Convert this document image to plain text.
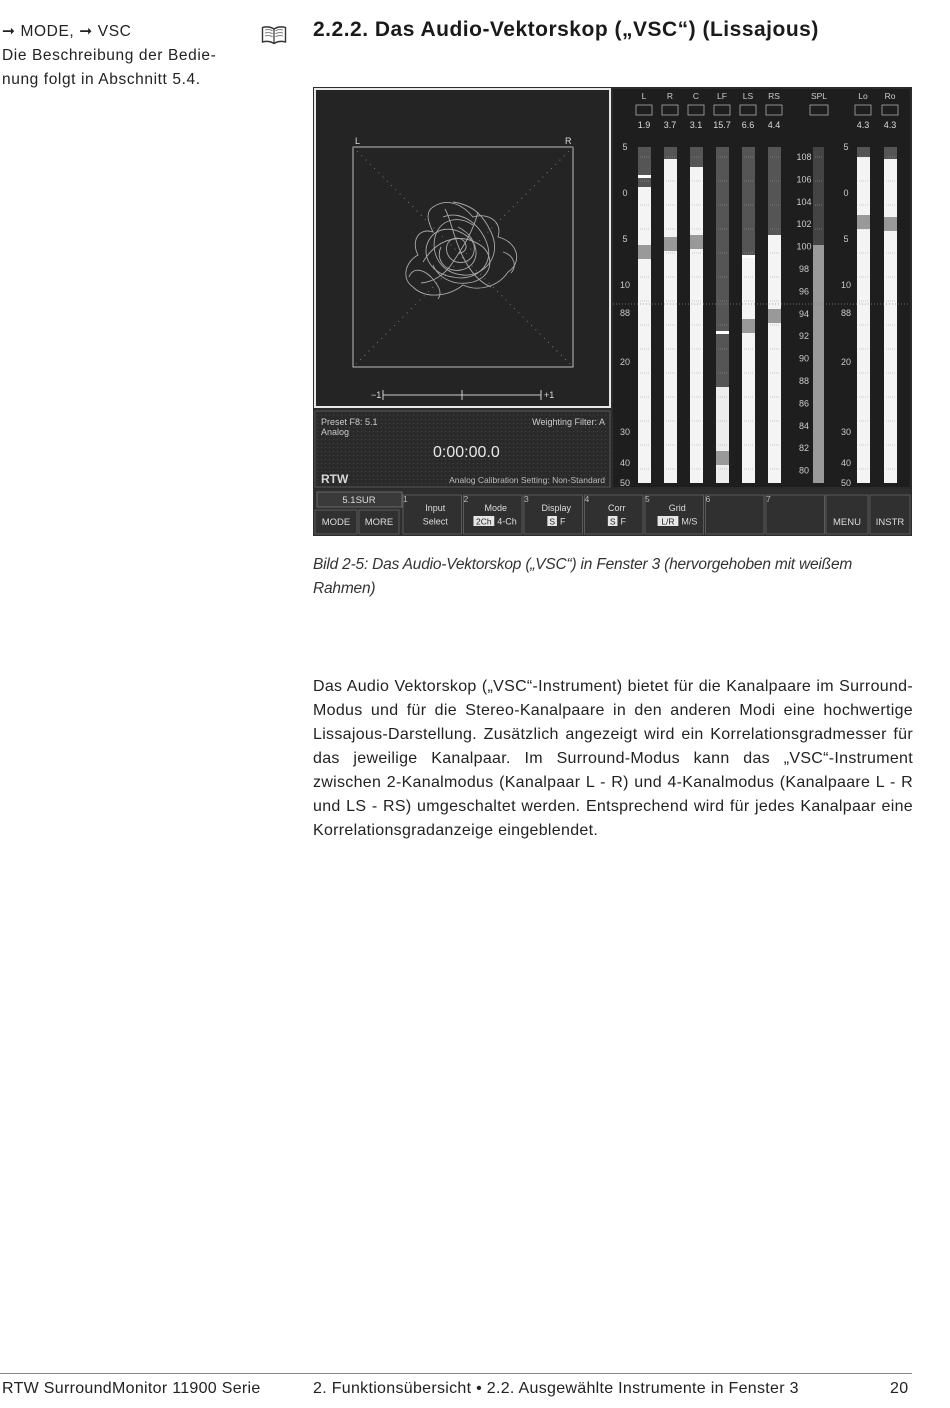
➞ MODE, ➞ VSC
Die Beschreibung der Bedie-
nung folgt in Abschnitt 5.4.
2.2.2. Das Audio-Vektorskop („VSC“) (Lissajous)
L	R
−1	+1
Preset F8: 5.1
Analog
Weighting Filter: A
0:00:00.0
RTW	Analog Calibration Setting: Non-Standard
L
1.9
R
3.7
C
3.1
LF
15.7
LS
6.6
RS
4.4
SPL	Lo
4.3
Ro
4.3
5
0
5
10
88
20
30
40
50
108
106
104
102
100
98
96
94
92
90
88
86
84
82
80
5
0
5
10
88
20
30
40
50
5.1SUR
MODE MORE
1
Input
Select
2
Mode
2Ch 4-Ch
3
Display
S F
4
Corr
S F
5
Grid
L/R M/S
6	7
MENU INSTR
Bild 2-5: Das Audio-Vektorskop („VSC“) in Fenster 3 (hervorgehoben mit weißem Rahmen)

Das Audio Vektorskop („VSC“-Instrument) bietet für die Kanalpaare im Surround-Modus und für die Stereo-Kanalpaare in den anderen Modi eine hochwertige Lissajous-Darstellung. Zusätzlich angezeigt wird ein Korrelationsgradmesser für das jeweilige Kanalpaar. Im Surround-Modus kann das „VSC“-Instrument zwischen 2-Kanalmodus (Kanalpaar L - R) und 4-Kanalmodus (Kanalpaare L - R und LS - RS) umgeschaltet werden. Entsprechend wird für jedes Kanalpaar eine Korrelationsgradanzeige eingeblendet.

RTW SurroundMonitor 11900 Serie	2. Funktionsübersicht • 2.2. Ausgewählte Instrumente in Fenster 3	20
